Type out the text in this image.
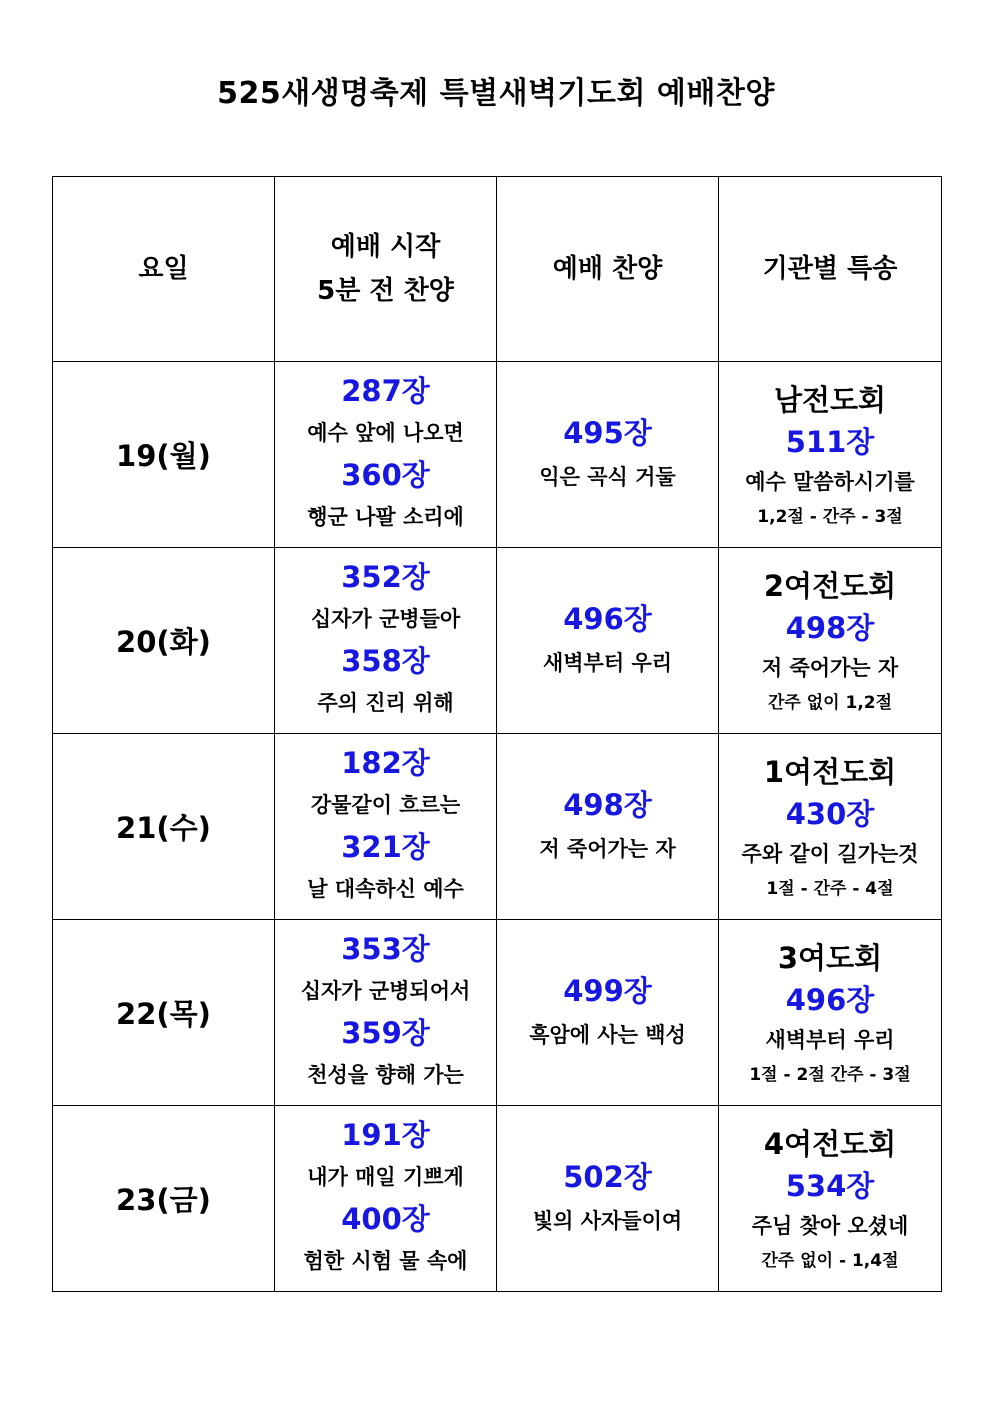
525새생명축제 특별새벽기도회 예배찬양
요일	예배 시작
5분 전 찬양	예배 찬양	기관별 특송
19(월)	287장
예수 앞에 나오면
360장
행군 나팔 소리에	495장
익은 곡식 거둘	남전도회
511장
예수 말씀하시기를
1,2절 - 간주 - 3절

20(화)	352장
십자가 군병들아
358장
주의 진리 위해	496장
새벽부터 우리	2여전도회
498장
저 죽어가는 자
간주 없이 1,2절

21(수)	182장
강물같이 흐르는
321장
날 대속하신 예수	498장
저 죽어가는 자	1여전도회
430장
주와 같이 길가는것
1절 - 간주 - 4절

22(목)	353장
십자가 군병되어서
359장
천성을 향해 가는	499장
흑암에 사는 백성	3여도회
496장
새벽부터 우리
1절 - 2절 간주 - 3절

23(금)	191장
내가 매일 기쁘게
400장
험한 시험 물 속에	502장
빛의 사자들이여	4여전도회
534장
주님 찾아 오셨네
간주 없이 - 1,4절
